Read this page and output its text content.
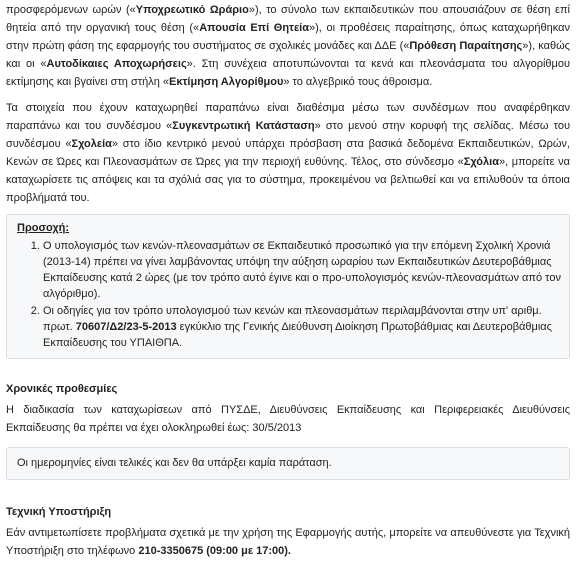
προσφερόμενων ωρών («Υποχρεωτικό Ωράριο»), το σύνολο των εκπαιδευτικών που απουσιάζουν σε θέση επί θητεία από την οργανική τους θέση («Απουσία Επί Θητεία»), οι προθέσεις παραίτησης, όπως καταχωρήθηκαν στην πρώτη φάση της εφαρμογής του συστήματος σε σχολικές μονάδες και ΔΔΕ («Πρόθεση Παραίτησης»), καθώς και οι «Αυτοδίκαιες Αποχωρήσεις». Στη συνέχεια αποτυπώνονται τα κενά και πλεονάσματα του αλγορίθμου εκτίμησης και βγαίνει στη στήλη «Εκτίμηση Αλγορίθμου» το αλγεβρικό τους άθροισμα.

Τα στοιχεία που έχουν καταχωρηθεί παραπάνω είναι διαθέσιμα μέσω των συνδέσμων που αναφέρθηκαν παραπάνω και του συνδέσμου «Συγκεντρωτική Κατάσταση» στο μενού στην κορυφή της σελίδας. Μέσω του συνδέσμου «Σχολεία» στο ίδιο κεντρικό μενού υπάρχει πρόσβαση στα βασικά δεδομένα Εκπαιδευτικών, Ωρών, Κενών σε Ώρες και Πλεονασμάτων σε Ώρες για την περιοχή ευθύνης. Τέλος, στο σύνδεσμο «Σχόλια», μπορείτε να καταχωρίσετε τις απόψεις και τα σχόλιά σας για το σύστημα, προκειμένου να βελτιωθεί και να επιλυθούν τα όποια προβλήματά του.

Προσοχή:
1. Ο υπολογισμός των κενών-πλεονασμάτων σε Εκπαιδευτικό προσωπικό για την επόμενη Σχολική Χρονιά (2013-14) πρέπει να γίνει λαμβάνοντας υπόψη την αύξηση ωραρίου των Εκπαιδευτικών Δευτεροβάθμιας Εκπαίδευσης κατά 2 ώρες (με τον τρόπο αυτό έγινε και ο προ-υπολογισμός κενών-πλεονασμάτων από τον αλγόριθμο).
2. Οι οδηγίες για τον τρόπο υπολογισμού των κενών και πλεονασμάτων περιλαμβάνονται στην υπ' αριθμ. πρωτ. 70607/Δ2/23-5-2013 εγκύκλιο της Γενικής Διεύθυνση Διοίκηση Πρωτοβάθμιας και Δευτεροβάθμιας Εκπαίδευσης του ΥΠΑΙΘΠΑ.
Χρονικές προθεσμίες

Η διαδικασία των καταχωρίσεων από ΠΥΣΔΕ, Διευθύνσεις Εκπαίδευσης και Περιφερειακές Διευθύνσεις Εκπαίδευσης θα πρέπει να έχει ολοκληρωθεί έως: 30/5/2013

Οι ημερομηνίες είναι τελικές και δεν θα υπάρξει καμία παράταση.
Τεχνική Υποστήριξη

Εάν αντιμετωπίσετε προβλήματα σχετικά με την χρήση της Εφαρμογής αυτής, μπορείτε να απευθύνεστε για Τεχνική Υποστήριξη στο τηλέφωνο 210-3350675 (09:00 με 17:00).
